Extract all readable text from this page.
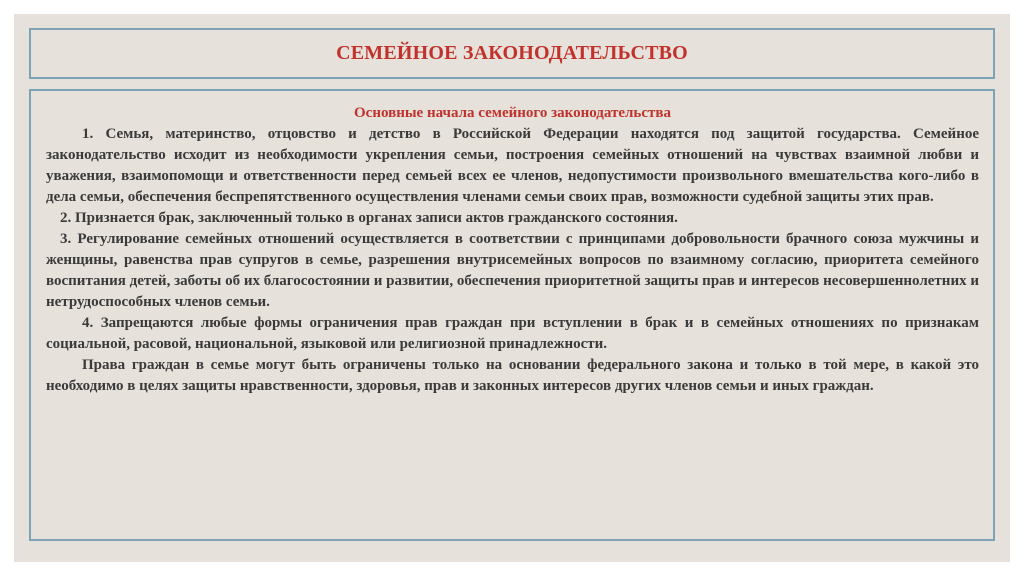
СЕМЕЙНОЕ ЗАКОНОДАТЕЛЬСТВО

Основные начала семейного законодательства

1. Семья, материнство, отцовство и детство в Российской Федерации находятся под защитой государства. Семейное законодательство исходит из необходимости укрепления семьи, построения семейных отношений на чувствах взаимной любви и уважения, взаимопомощи и ответственности перед семьей всех ее членов, недопустимости произвольного вмешательства кого-либо в дела семьи, обеспечения беспрепятственного осуществления членами семьи своих прав, возможности судебной защиты этих прав.

2. Признается брак, заключенный только в органах записи актов гражданского состояния.

3. Регулирование семейных отношений осуществляется в соответствии с принципами добровольности брачного союза мужчины и женщины, равенства прав супругов в семье, разрешения внутрисемейных вопросов по взаимному согласию, приоритета семейного воспитания детей, заботы об их благосостоянии и развитии, обеспечения приоритетной защиты прав и интересов несовершеннолетних и нетрудоспособных членов семьи.

4. Запрещаются любые формы ограничения прав граждан при вступлении в брак и в семейных отношениях по признакам социальной, расовой, национальной, языковой или религиозной принадлежности.

Права граждан в семье могут быть ограничены только на основании федерального закона и только в той мере, в какой это необходимо в целях защиты нравственности, здоровья, прав и законных интересов других членов семьи и иных граждан.
